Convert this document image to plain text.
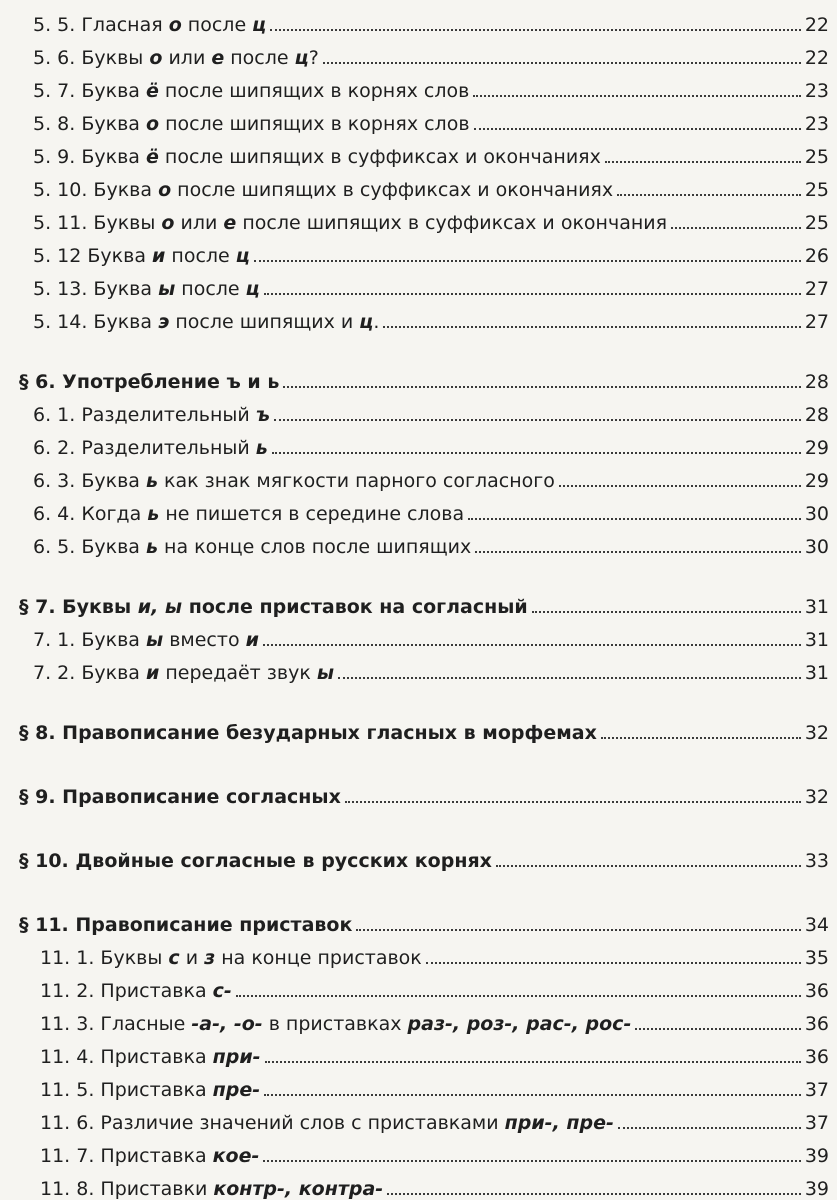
5. 5. Гласная о после ц	22
5. 6. Буквы о или е после ц?	22
5. 7. Буква ё после шипящих в корнях слов	23
5. 8. Буква о после шипящих в корнях слов	23
5. 9. Буква ё после шипящих в суффиксах и окончаниях	25
5. 10. Буква о после шипящих в суффиксах и окончаниях	25
5. 11. Буквы о или е после шипящих в суффиксах и окончания	25
5. 12 Буква и после ц	26
5. 13. Буква ы после ц	27
5. 14. Буква э после шипящих и ц.	27
§ 6. Употребление ъ и ь	28
6. 1. Разделительный ъ	28
6. 2. Разделительный ь	29
6. 3. Буква ь как знак мягкости парного согласного	29
6. 4. Когда ь не пишется в середине слова	30
6. 5. Буква ь на конце слов после шипящих	30
§ 7. Буквы и, ы после приставок на согласный	31
7. 1. Буква ы вместо и	31
7. 2. Буква и передаёт звук ы	31
§ 8. Правописание безударных гласных в морфемах	32
§ 9. Правописание согласных	32
§ 10. Двойные согласные в русских корнях	33
§ 11. Правописание приставок	34
11. 1. Буквы с и з на конце приставок	35
11. 2. Приставка с-	36
11. 3. Гласные -а-, -о- в приставках раз-, роз-, рас-, рос-	36
11. 4. Приставка при-	36
11. 5. Приставка пре-	37
11. 6. Различие значений слов с приставками при-, пре-	37
11. 7. Приставка кое-	39
11. 8. Приставки контр-, контра-	39
